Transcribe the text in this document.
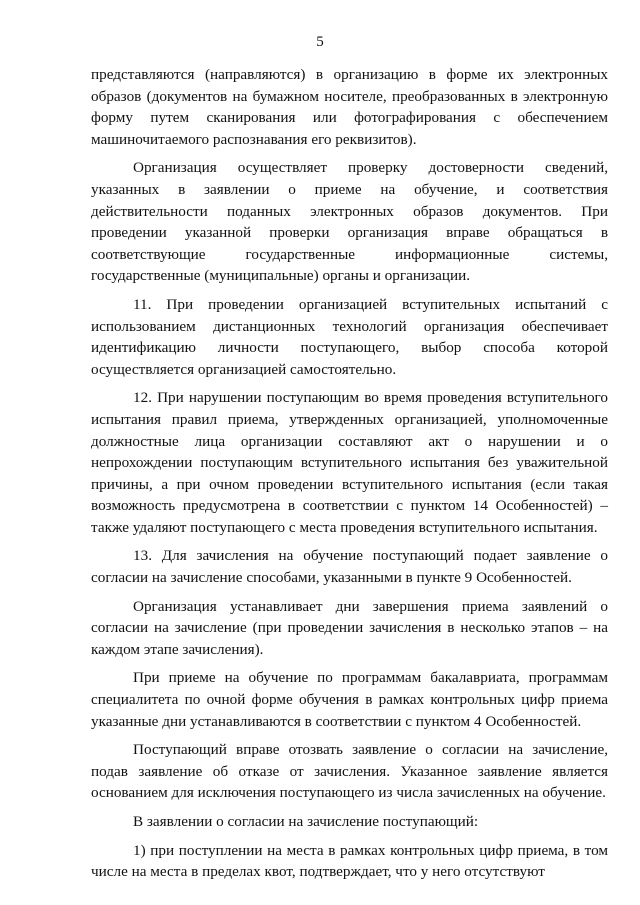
5

представляются (направляются) в организацию в форме их электронных образов (документов на бумажном носителе, преобразованных в электронную форму путем сканирования или фотографирования с обеспечением машиночитаемого распознавания его реквизитов).

Организация осуществляет проверку достоверности сведений, указанных в заявлении о приеме на обучение, и соответствия действительности поданных электронных образов документов. При проведении указанной проверки организация вправе обращаться в соответствующие государственные информационные системы, государственные (муниципальные) органы и организации.

11. При проведении организацией вступительных испытаний с использованием дистанционных технологий организация обеспечивает идентификацию личности поступающего, выбор способа которой осуществляется организацией самостоятельно.

12. При нарушении поступающим во время проведения вступительного испытания правил приема, утвержденных организацией, уполномоченные должностные лица организации составляют акт о нарушении и о непрохождении поступающим вступительного испытания без уважительной причины, а при очном проведении вступительного испытания (если такая возможность предусмотрена в соответствии с пунктом 14 Особенностей) – также удаляют поступающего с места проведения вступительного испытания.

13. Для зачисления на обучение поступающий подает заявление о согласии на зачисление способами, указанными в пункте 9 Особенностей.

Организация устанавливает дни завершения приема заявлений о согласии на зачисление (при проведении зачисления в несколько этапов – на каждом этапе зачисления).

При приеме на обучение по программам бакалавриата, программам специалитета по очной форме обучения в рамках контрольных цифр приема указанные дни устанавливаются в соответствии с пунктом 4 Особенностей.

Поступающий вправе отозвать заявление о согласии на зачисление, подав заявление об отказе от зачисления. Указанное заявление является основанием для исключения поступающего из числа зачисленных на обучение.

В заявлении о согласии на зачисление поступающий:

1) при поступлении на места в рамках контрольных цифр приема, в том числе на места в пределах квот, подтверждает, что у него отсутствуют
